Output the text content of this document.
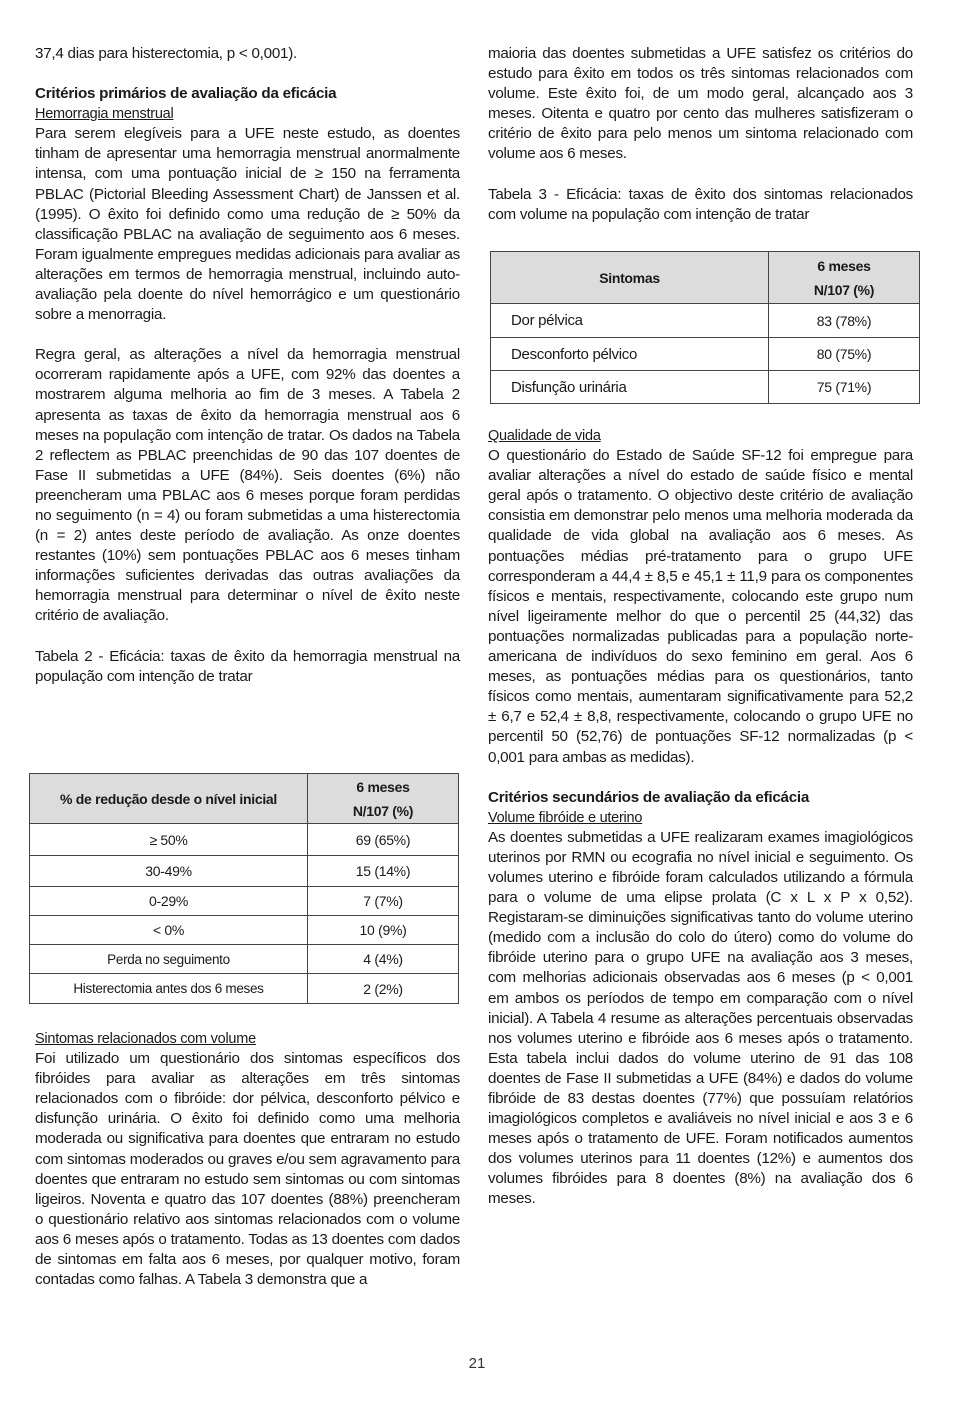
37,4 dias para histerectomia, p < 0,001).

Critérios primários de avaliação da eficácia

Hemorragia menstrual

Para serem elegíveis para a UFE neste estudo, as doentes tinham de apresentar uma hemorragia menstrual anormalmente intensa, com uma pontuação inicial de ≥ 150 na ferramenta PBLAC (Pictorial Bleeding Assessment Chart) de Janssen et al. (1995). O êxito foi definido como uma redução de ≥ 50% da classificação PBLAC na avaliação de seguimento aos 6 meses. Foram igualmente empregues medidas adicionais para avaliar as alterações em termos de hemorragia menstrual, incluindo auto-avaliação pela doente do nível hemorrágico e um questionário sobre a menorragia.

Regra geral, as alterações a nível da hemorragia menstrual ocorreram rapidamente após a UFE, com 92% das doentes a mostrarem alguma melhoria ao fim de 3 meses. A Tabela 2 apresenta as taxas de êxito da hemorragia menstrual aos 6 meses na população com intenção de tratar. Os dados na Tabela 2 reflectem as PBLAC preenchidas de 90 das 107 doentes de Fase II submetidas a UFE (84%). Seis doentes (6%) não preencheram uma PBLAC aos 6 meses porque foram perdidas no seguimento (n = 4) ou foram submetidas a uma histerectomia (n = 2) antes deste período de avaliação. As onze doentes restantes (10%) sem pontuações PBLAC aos 6 meses tinham informações suficientes derivadas das outras avaliações da hemorragia menstrual para determinar o nível de êxito neste critério de avaliação.

Tabela 2 - Eficácia: taxas de êxito da hemorragia menstrual na população com intenção de tratar

% de redução desde o nível inicial	6 meses
N/107 (%)
≥ 50%	69 (65%)
30-49%	15 (14%)
0-29%	7 (7%)
< 0%	10 (9%)
Perda no seguimento	4 (4%)
Histerectomia antes dos 6 meses	2 (2%)

Sintomas relacionados com volume

Foi utilizado um questionário dos sintomas específicos dos fibróides para avaliar as alterações em três sintomas relacionados com o fibróide: dor pélvica, desconforto pélvico e disfunção urinária. O êxito foi definido como uma melhoria moderada ou significativa para doentes que entraram no estudo com sintomas moderados ou graves e/ou sem agravamento para doentes que entraram no estudo sem sintomas ou com sintomas ligeiros. Noventa e quatro das 107 doentes (88%) preencheram o questionário relativo aos sintomas relacionados com o volume aos 6 meses após o tratamento. Todas as 13 doentes com dados de sintomas em falta aos 6 meses, por qualquer motivo, foram contadas como falhas. A Tabela 3 demonstra que a

maioria das doentes submetidas a UFE satisfez os critérios do estudo para êxito em todos os três sintomas relacionados com volume. Este êxito foi, de um modo geral, alcançado aos 3 meses. Oitenta e quatro por cento das mulheres satisfizeram o critério de êxito para pelo menos um sintoma relacionado com volume aos 6 meses.

Tabela 3 - Eficácia: taxas de êxito dos sintomas relacionados com volume na população com intenção de tratar

Sintomas	6 meses
N/107 (%)
Dor pélvica	83 (78%)
Desconforto pélvico	80 (75%)
Disfunção urinária	75 (71%)

Qualidade de vida

O questionário do Estado de Saúde SF-12 foi empregue para avaliar alterações a nível do estado de saúde físico e mental geral após o tratamento. O objectivo deste critério de avaliação consistia em demonstrar pelo menos uma melhoria moderada da qualidade de vida global na avaliação aos 6 meses. As pontuações médias pré-tratamento para o grupo UFE corresponderam a 44,4 ± 8,5 e 45,1 ± 11,9 para os componentes físicos e mentais, respectivamente, colocando este grupo num nível ligeiramente melhor do que o percentil 25 (44,32) das pontuações normalizadas publicadas para a população norte-americana de indivíduos do sexo feminino em geral. Aos 6 meses, as pontuações médias para os questionários, tanto físicos como mentais, aumentaram significativamente para 52,2 ± 6,7 e 52,4 ± 8,8, respectivamente, colocando o grupo UFE no percentil 50 (52,76) de pontuações SF-12 normalizadas (p < 0,001 para ambas as medidas).

Critérios secundários de avaliação da eficácia

Volume fibróide e uterino

As doentes submetidas a UFE realizaram exames imagiológicos uterinos por RMN ou ecografia no nível inicial e seguimento. Os volumes uterino e fibróide foram calculados utilizando a fórmula para o volume de uma elipse prolata (C x L x P x 0,52). Registaram-se diminuições significativas tanto do volume uterino (medido com a inclusão do colo do útero) como do volume do fibróide uterino para o grupo UFE na avaliação aos 3 meses, com melhorias adicionais observadas aos 6 meses (p < 0,001 em ambos os períodos de tempo em comparação com o nível inicial). A Tabela 4 resume as alterações percentuais observadas nos volumes uterino e fibróide aos 6 meses após o tratamento. Esta tabela inclui dados do volume uterino de 91 das 108 doentes de Fase II submetidas a UFE (84%) e dados do volume fibróide de 83 destas doentes (77%) que possuíam relatórios imagiológicos completos e avaliáveis no nível inicial e aos 3 e 6 meses após o tratamento de UFE. Foram notificados aumentos dos volumes uterinos para 11 doentes (12%) e aumentos dos volumes fibróides para 8 doentes (8%) na avaliação dos 6 meses.

21
